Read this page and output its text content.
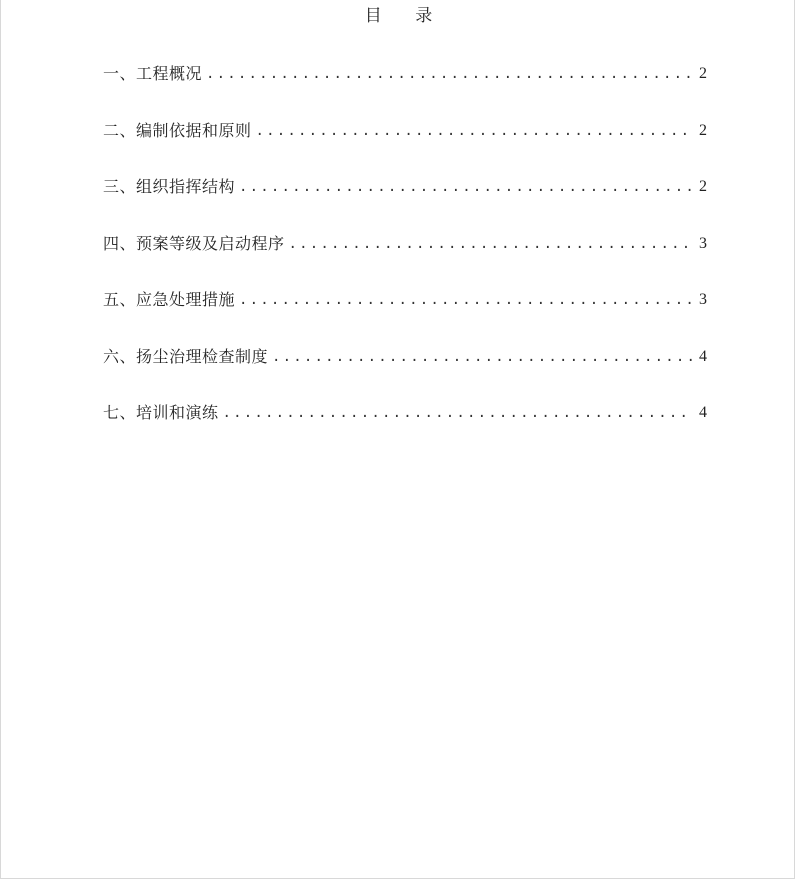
目 录
一、工程概况 .....	2
二、编制依据和原则 .....	2
三、组织指挥结构 .....	2
四、预案等级及启动程序 .....	3
五、应急处理措施 .....	3
六、扬尘治理检查制度 .....	4
七、培训和演练 .....	4
